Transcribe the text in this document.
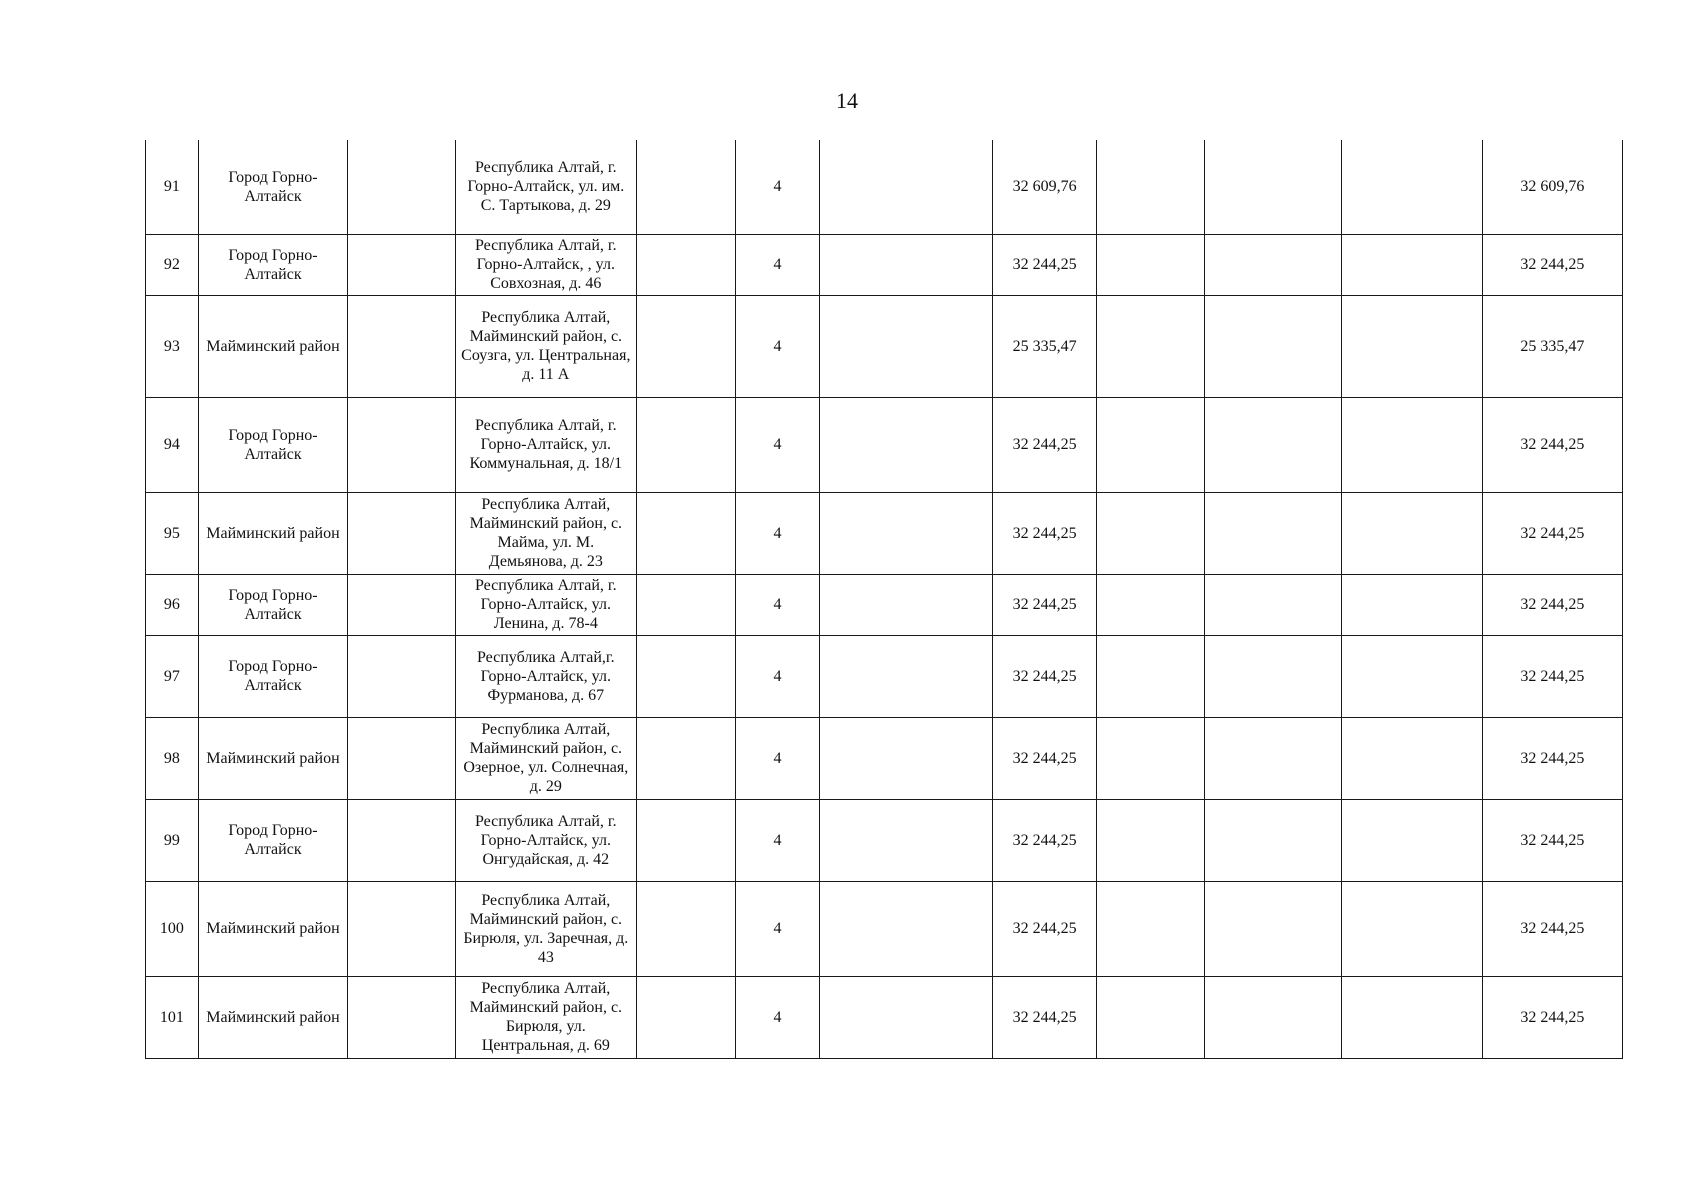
14
91	Город Горно-Алтайск		Республика Алтай, г. Горно-Алтайск, ул. им. С. Тартыкова, д. 29		4		32 609,76				32 609,76
92	Город Горно-Алтайск		Республика Алтай, г. Горно-Алтайск, , ул. Совхозная, д. 46		4		32 244,25				32 244,25
93	Майминский район		Республика Алтай, Майминский район, с. Соузга, ул. Центральная, д. 11 А		4		25 335,47				25 335,47
94	Город Горно-Алтайск		Республика Алтай, г. Горно-Алтайск, ул. Коммунальная, д. 18/1		4		32 244,25				32 244,25
95	Майминский район		Республика Алтай, Майминский район, с. Майма, ул. М. Демьянова, д. 23		4		32 244,25				32 244,25
96	Город Горно-Алтайск		Республика Алтай, г. Горно-Алтайск, ул. Ленина, д. 78-4		4		32 244,25				32 244,25
97	Город Горно-Алтайск		Республика Алтай,г. Горно-Алтайск, ул. Фурманова, д. 67		4		32 244,25				32 244,25
98	Майминский район		Республика Алтай, Майминский район, с. Озерное, ул. Солнечная, д. 29		4		32 244,25				32 244,25
99	Город Горно-Алтайск		Республика Алтай, г. Горно-Алтайск, ул. Онгудайская, д. 42		4		32 244,25				32 244,25
100	Майминский район		Республика Алтай, Майминский район, с. Бирюля, ул. Заречная, д. 43		4		32 244,25				32 244,25
101	Майминский район		Республика Алтай, Майминский район, с. Бирюля, ул. Центральная, д. 69		4		32 244,25				32 244,25
